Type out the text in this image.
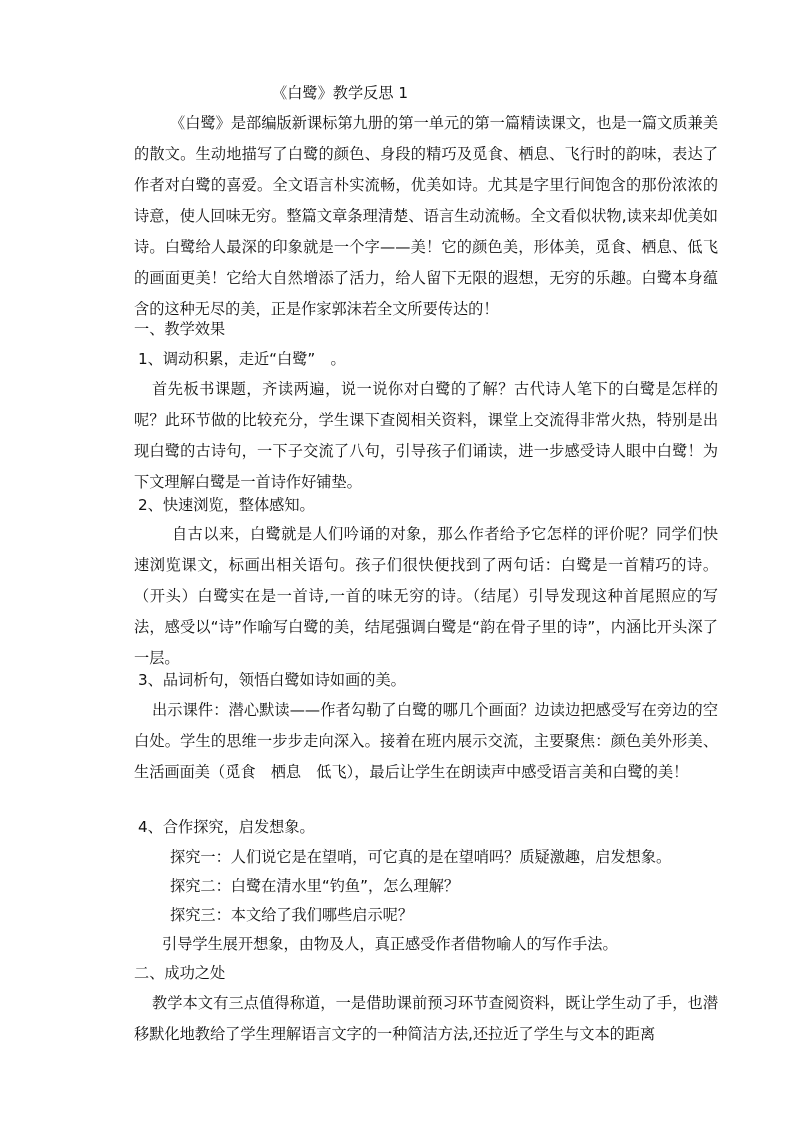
《白鹭》教学反思 1

《白鹭》是部编版新课标第九册的第一单元的第一篇精读课文，也是一篇文质兼美的散文。生动地描写了白鹭的颜色、身段的精巧及觅食、栖息、飞行时的韵味，表达了作者对白鹭的喜爱。全文语言朴实流畅，优美如诗。尤其是字里行间饱含的那份浓浓的诗意，使人回味无穷。整篇文章条理清楚、语言生动流畅。全文看似状物,读来却优美如诗。白鹭给人最深的印象就是一个字——美！它的颜色美，形体美，觅食、栖息、低飞的画面更美！它给大自然增添了活力，给人留下无限的遐想，无穷的乐趣。白鹭本身蕴含的这种无尽的美，正是作家郭沫若全文所要传达的！

一、教学效果

1、调动积累，走近“白鹭”　。

首先板书课题，齐读两遍，说一说你对白鹭的了解？古代诗人笔下的白鹭是怎样的呢？此环节做的比较充分，学生课下查阅相关资料，课堂上交流得非常火热，特别是出现白鹭的古诗句，一下子交流了八句，引导孩子们诵读，进一步感受诗人眼中白鹭！为下文理解白鹭是一首诗作好铺垫。

2、快速浏览，整体感知。

自古以来，白鹭就是人们吟诵的对象，那么作者给予它怎样的评价呢？同学们快速浏览课文，标画出相关语句。孩子们很快便找到了两句话：白鹭是一首精巧的诗。（开头）白鹭实在是一首诗,一首的味无穷的诗。（结尾）引导发现这种首尾照应的写法，感受以“诗”作喻写白鹭的美，结尾强调白鹭是“韵在骨子里的诗”，内涵比开头深了一层。

3、品词析句，领悟白鹭如诗如画的美。

出示课件：潜心默读——作者勾勒了白鹭的哪几个画面？边读边把感受写在旁边的空白处。学生的思维一步步走向深入。接着在班内展示交流，主要聚焦：颜色美外形美、生活画面美（觅食　栖息　低飞），最后让学生在朗读声中感受语言美和白鹭的美！

4、合作探究，启发想象。

探究一：人们说它是在望哨，可它真的是在望哨吗？质疑激趣，启发想象。

探究二：白鹭在清水里“钓鱼”，怎么理解？

探究三：本文给了我们哪些启示呢？

引导学生展开想象，由物及人，真正感受作者借物喻人的写作手法。

二、成功之处

教学本文有三点值得称道，一是借助课前预习环节查阅资料，既让学生动了手，也潜移默化地教给了学生理解语言文字的一种简洁方法,还拉近了学生与文本的距离
